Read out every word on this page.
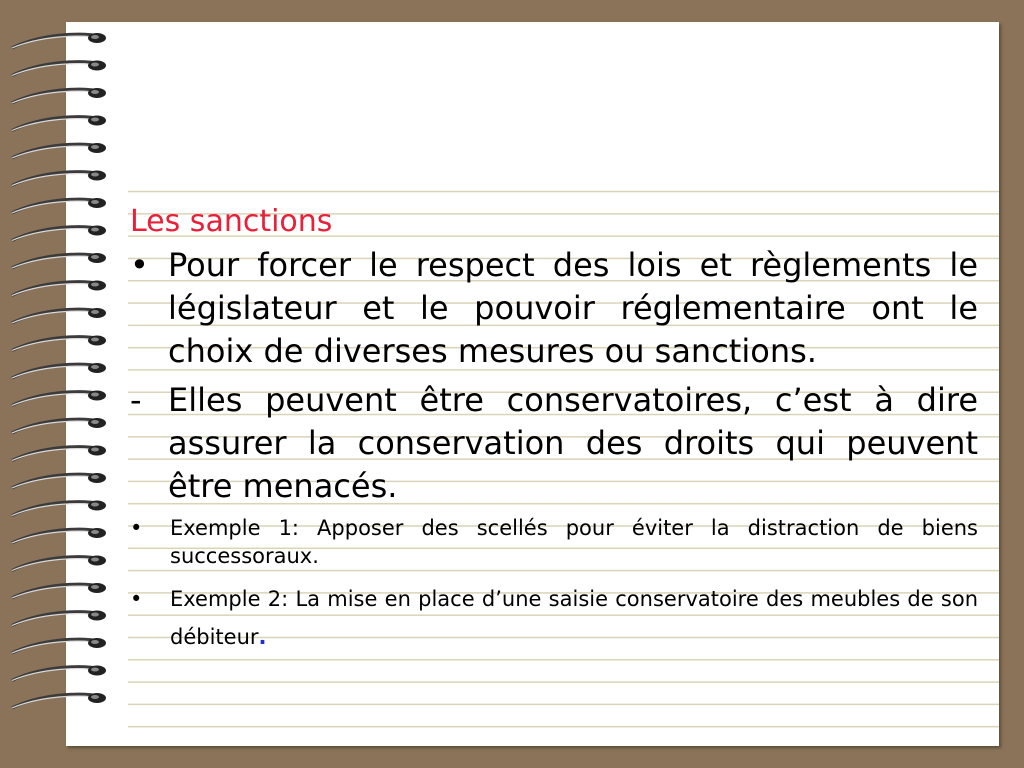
Les sanctions
• Pour forcer le respect des lois et règlements le législateur et le pouvoir réglementaire ont le choix de diverses mesures ou sanctions.
- Elles peuvent être conservatoires, c’est à dire assurer la conservation des droits qui peuvent être menacés.
•	Exemple 1: Apposer des scellés pour éviter la distraction de biens successoraux.
•	Exemple 2: La mise en place d’une saisie conservatoire des meubles de son débiteur.
